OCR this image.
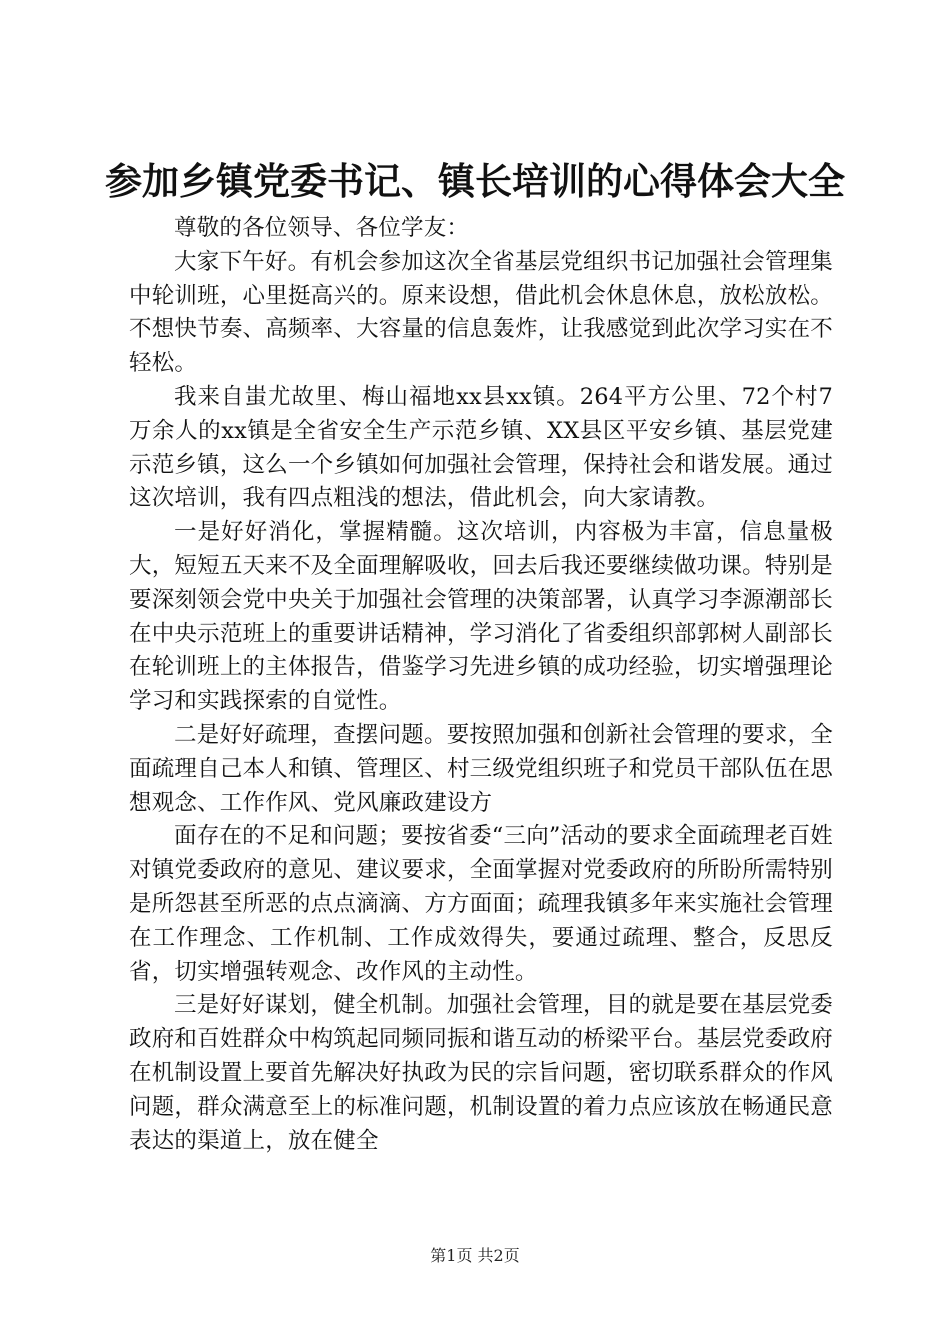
参加乡镇党委书记、镇长培训的心得体会大全

尊敬的各位领导、各位学友：

大家下午好。有机会参加这次全省基层党组织书记加强社会管理集中轮训班，心里挺高兴的。原来设想，借此机会休息休息，放松放松。不想快节奏、高频率、大容量的信息轰炸，让我感觉到此次学习实在不轻松。

我来自蚩尤故里、梅山福地xx县xx镇。264平方公里、72个村7万余人的xx镇是全省安全生产示范乡镇、XX县区平安乡镇、基层党建示范乡镇，这么一个乡镇如何加强社会管理，保持社会和谐发展。通过这次培训，我有四点粗浅的想法，借此机会，向大家请教。

一是好好消化，掌握精髓。这次培训，内容极为丰富，信息量极大，短短五天来不及全面理解吸收，回去后我还要继续做功课。特别是要深刻领会党中央关于加强社会管理的决策部署，认真学习李源潮部长在中央示范班上的重要讲话精神，学习消化了省委组织部郭树人副部长在轮训班上的主体报告，借鉴学习先进乡镇的成功经验，切实增强理论学习和实践探索的自觉性。

二是好好疏理，查摆问题。要按照加强和创新社会管理的要求，全面疏理自己本人和镇、管理区、村三级党组织班子和党员干部队伍在思想观念、工作作风、党风廉政建设方

面存在的不足和问题；要按省委“三向”活动的要求全面疏理老百姓对镇党委政府的意见、建议要求，全面掌握对党委政府的所盼所需特别是所怨甚至所恶的点点滴滴、方方面面；疏理我镇多年来实施社会管理在工作理念、工作机制、工作成效得失，要通过疏理、整合，反思反省，切实增强转观念、改作风的主动性。

三是好好谋划，健全机制。加强社会管理，目的就是要在基层党委政府和百姓群众中构筑起同频同振和谐互动的桥梁平台。基层党委政府在机制设置上要首先解决好执政为民的宗旨问题，密切联系群众的作风问题，群众满意至上的标准问题，机制设置的着力点应该放在畅通民意表达的渠道上，放在健全

第1页 共2页
